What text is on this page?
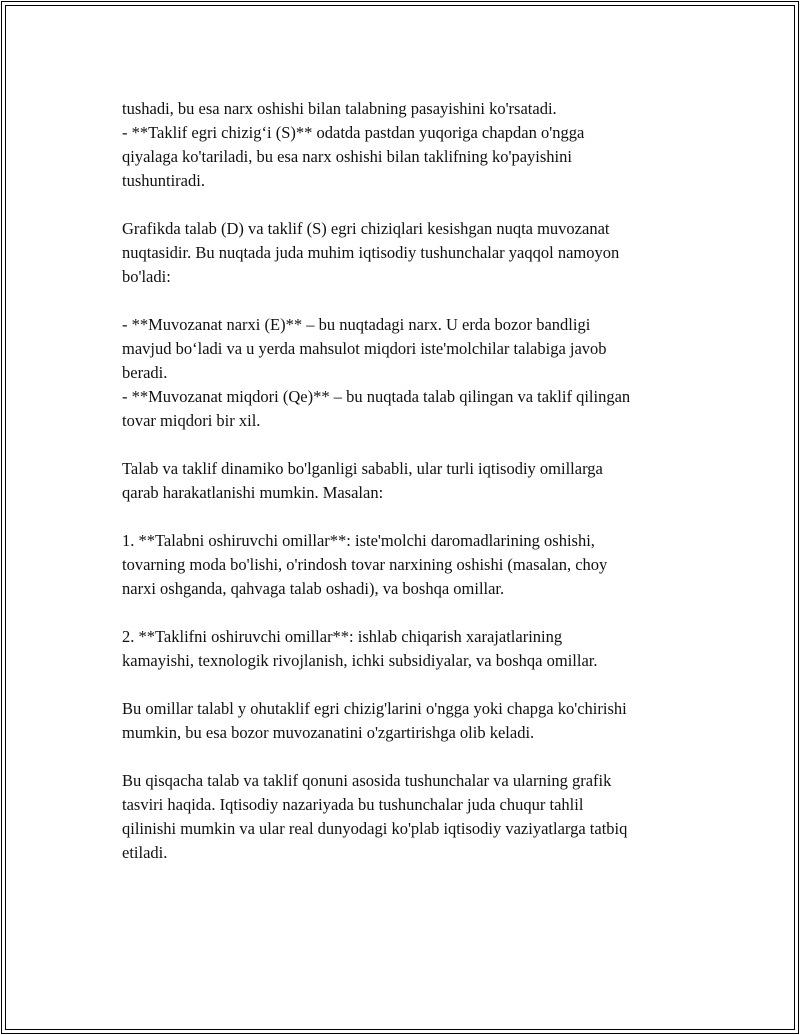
tushadi, bu esa narx oshishi bilan talabning pasayishini ko'rsatadi.
- **Taklif egri chizig‘i (S)** odatda pastdan yuqoriga chapdan o'ngga
qiyalaga ko'tariladi, bu esa narx oshishi bilan taklifning ko'payishini
tushuntiradi.
Grafikda talab (D) va taklif (S) egri chiziqlari kesishgan nuqta muvozanat
nuqtasidir. Bu nuqtada juda muhim iqtisodiy tushunchalar yaqqol namoyon
bo'ladi:
- **Muvozanat narxi (E)** – bu nuqtadagi narx. U erda bozor bandligi
mavjud bo‘ladi va u yerda mahsulot miqdori iste'molchilar talabiga javob
beradi.
- **Muvozanat miqdori (Qe)** – bu nuqtada talab qilingan va taklif qilingan
tovar miqdori bir xil.
Talab va taklif dinamiko bo'lganligi sababli, ular turli iqtisodiy omillarga
qarab harakatlanishi mumkin. Masalan:
1. **Talabni oshiruvchi omillar**: iste'molchi daromadlarining oshishi,
tovarning moda bo'lishi, o'rindosh tovar narxining oshishi (masalan, choy
narxi oshganda, qahvaga talab oshadi), va boshqa omillar.
2. **Taklifni oshiruvchi omillar**: ishlab chiqarish xarajatlarining
kamayishi, texnologik rivojlanish, ichki subsidiyalar, va boshqa omillar.
Bu omillar talabl y ohutaklif egri chizig'larini o'ngga yoki chapga ko'chirishi
mumkin, bu esa bozor muvozanatini o'zgartirishga olib keladi.
Bu qisqacha talab va taklif qonuni asosida tushunchalar va ularning grafik
tasviri haqida. Iqtisodiy nazariyada bu tushunchalar juda chuqur tahlil
qilinishi mumkin va ular real dunyodagi ko'plab iqtisodiy vaziyatlarga tatbiq
etiladi.
